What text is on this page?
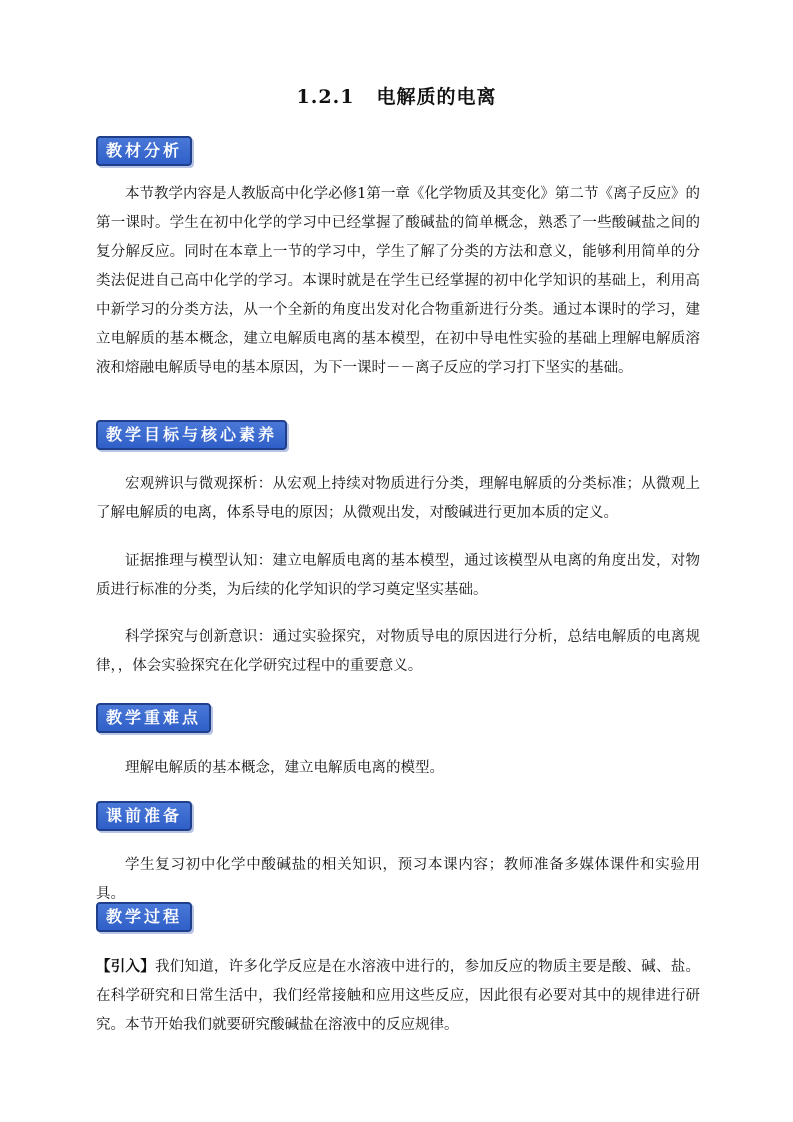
1.2.1 电解质的电离
教材分析
本节教学内容是人教版高中化学必修1第一章《化学物质及其变化》第二节《离子反应》的第一课时。学生在初中化学的学习中已经掌握了酸碱盐的简单概念，熟悉了一些酸碱盐之间的复分解反应。同时在本章上一节的学习中，学生了解了分类的方法和意义，能够利用简单的分类法促进自己高中化学的学习。本课时就是在学生已经掌握的初中化学知识的基础上，利用高中新学习的分类方法，从一个全新的角度出发对化合物重新进行分类。通过本课时的学习，建立电解质的基本概念，建立电解质电离的基本模型，在初中导电性实验的基础上理解电解质溶液和熔融电解质导电的基本原因，为下一课时－－离子反应的学习打下坚实的基础。
教学目标与核心素养
宏观辨识与微观探析：从宏观上持续对物质进行分类，理解电解质的分类标准；从微观上了解电解质的电离，体系导电的原因；从微观出发，对酸碱进行更加本质的定义。
证据推理与模型认知：建立电解质电离的基本模型，通过该模型从电离的角度出发，对物质进行标准的分类，为后续的化学知识的学习奠定坚实基础。
科学探究与创新意识：通过实验探究，对物质导电的原因进行分析，总结电解质的电离规律，，体会实验探究在化学研究过程中的重要意义。
教学重难点
理解电解质的基本概念，建立电解质电离的模型。
课前准备
学生复习初中化学中酸碱盐的相关知识，预习本课内容；教师准备多媒体课件和实验用具。
教学过程
【引入】我们知道，许多化学反应是在水溶液中进行的，参加反应的物质主要是酸、碱、盐。在科学研究和日常生活中，我们经常接触和应用这些反应，因此很有必要对其中的规律进行研究。本节开始我们就要研究酸碱盐在溶液中的反应规律。
